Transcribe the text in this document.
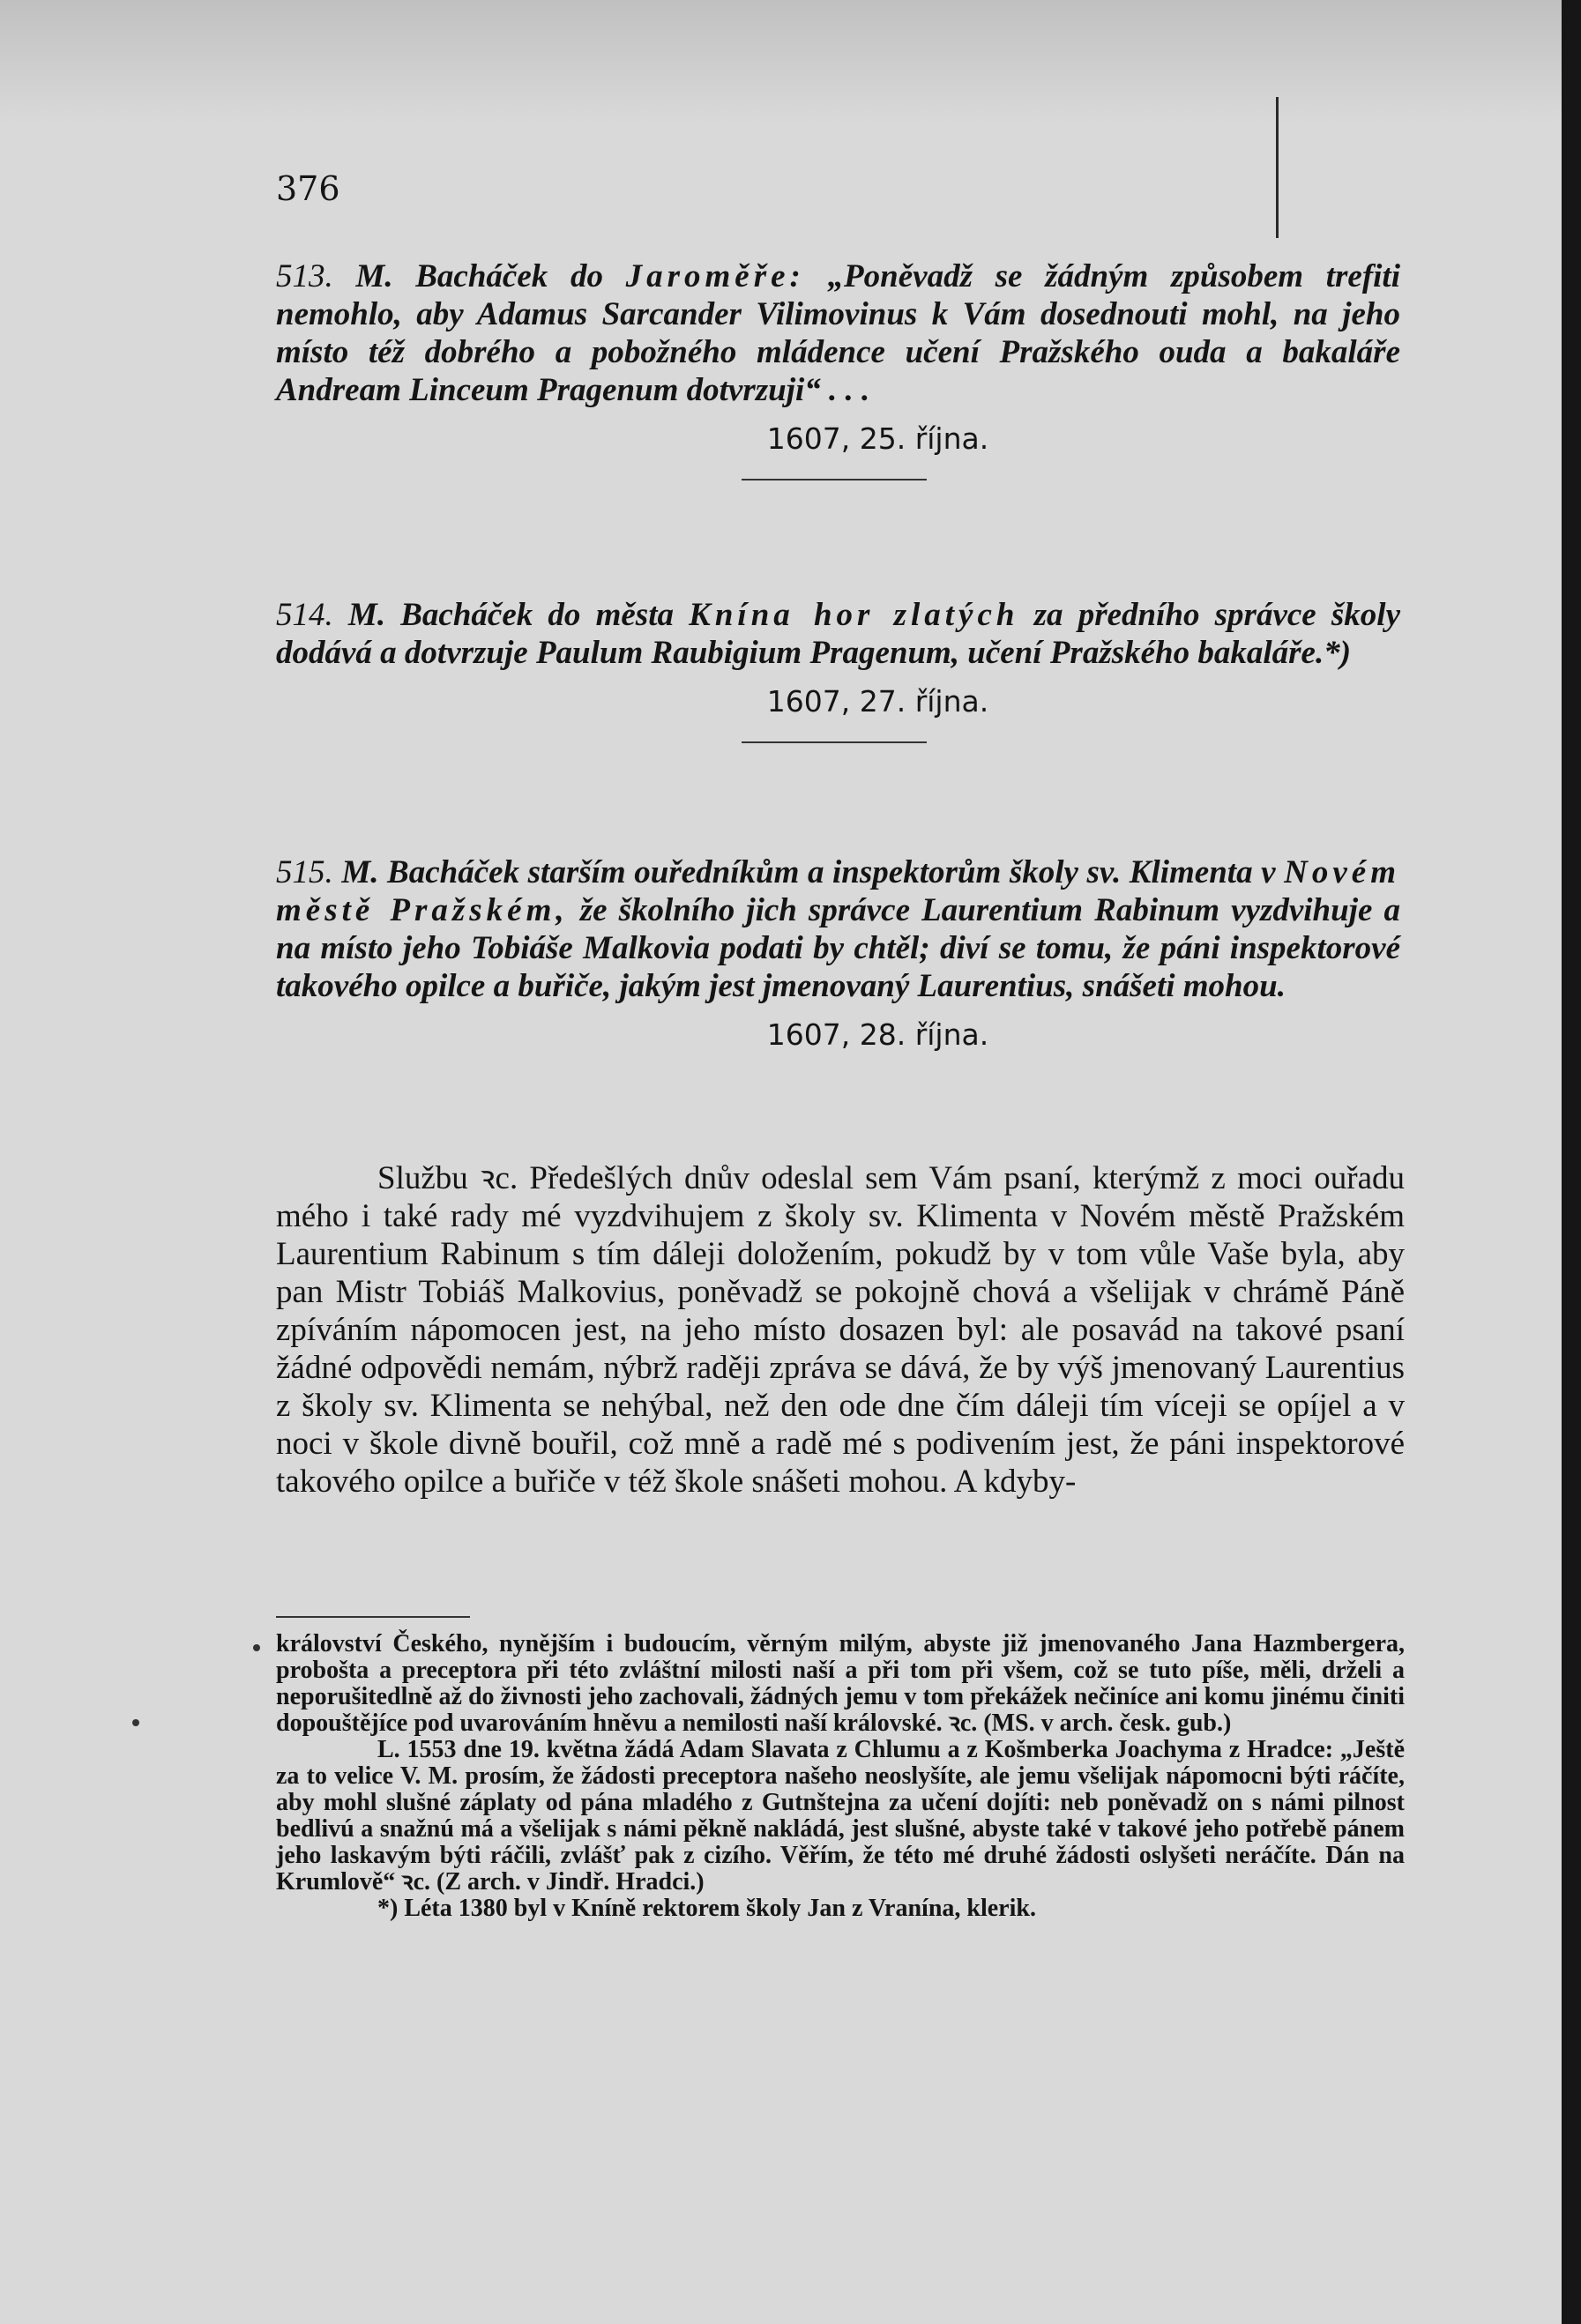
376

513. M. Bacháček do Jaroměře: „Poněvadž se žádným způsobem trefiti nemohlo, aby Adamus Sarcander Vilimovinus k Vám dosednouti mohl, na jeho místo též dobrého a pobožného mládence učení Pražského ouda a bakaláře Andream Linceum Pragenum dotvrzuji“ . . .

1607, 25. října.

514. M. Bacháček do města Knína hor zlatých za předního správce školy dodává a dotvrzuje Paulum Raubigium Pragenum, učení Pražského bakaláře.*)

1607, 27. října.

515. M. Bacháček starším ouředníkům a inspektorům školy sv. Klimenta v Novém městě Pražském, že školního jich správce Laurentium Rabinum vyzdvihuje a na místo jeho Tobiáše Malkovia podati by chtěl; diví se tomu, že páni inspektorové takového opilce a buřiče, jakým jest jmenovaný Laurentius, snášeti mohou.

1607, 28. října.

Službu ꝛc. Předešlých dnův odeslal sem Vám psaní, kterýmž z moci ouřadu mého i také rady mé vyzdvihujem z školy sv. Klimenta v Novém městě Pražském Laurentium Rabinum s tím dáleji doložením, pokudž by v tom vůle Vaše byla, aby pan Mistr Tobiáš Malkovius, poněvadž se pokojně chová a všelijak v chrámě Páně zpíváním nápomocen jest, na jeho místo dosazen byl: ale posavád na takové psaní žádné odpovědi nemám, nýbrž raději zpráva se dává, že by výš jmenovaný Laurentius z školy sv. Klimenta se nehýbal, než den ode dne čím dáleji tím víceji se opíjel a v noci v škole divně bouřil, což mně a radě mé s podivením jest, že páni inspektorové takového opilce a buřiče v též škole snášeti mohou. A kdyby-

království Českého, nynějším i budoucím, věrným milým, abyste již jmenovaného Jana Hazmbergera, probošta a preceptora při této zvláštní milosti naší a při tom při všem, což se tuto píše, měli, drželi a neporušitedlně až do živnosti jeho zachovali, žádných jemu v tom překážek nečiníce ani komu jinému činiti dopouštějíce pod uvarováním hněvu a nemilosti naší královské. ꝛc. (MS. v arch. česk. gub.)

L. 1553 dne 19. května žádá Adam Slavata z Chlumu a z Košmberka Joachyma z Hradce: „Ještě za to velice V. M. prosím, že žádosti preceptora našeho neoslyšíte, ale jemu všelijak nápomocni býti ráčíte, aby mohl slušné záplaty od pána mladého z Gutnštejna za učení dojíti: neb poněvadž on s námi pilnost bedlivú a snažnú má a všelijak s námi pěkně nakládá, jest slušné, abyste také v takové jeho potřebě pánem jeho laskavým býti ráčili, zvlášť pak z cizího. Věřím, že této mé druhé žádosti oslyšeti neráčíte. Dán na Krumlově“ ꝛc. (Z arch. v Jindř. Hradci.)

*) Léta 1380 byl v Kníně rektorem školy Jan z Vranína, klerik.
